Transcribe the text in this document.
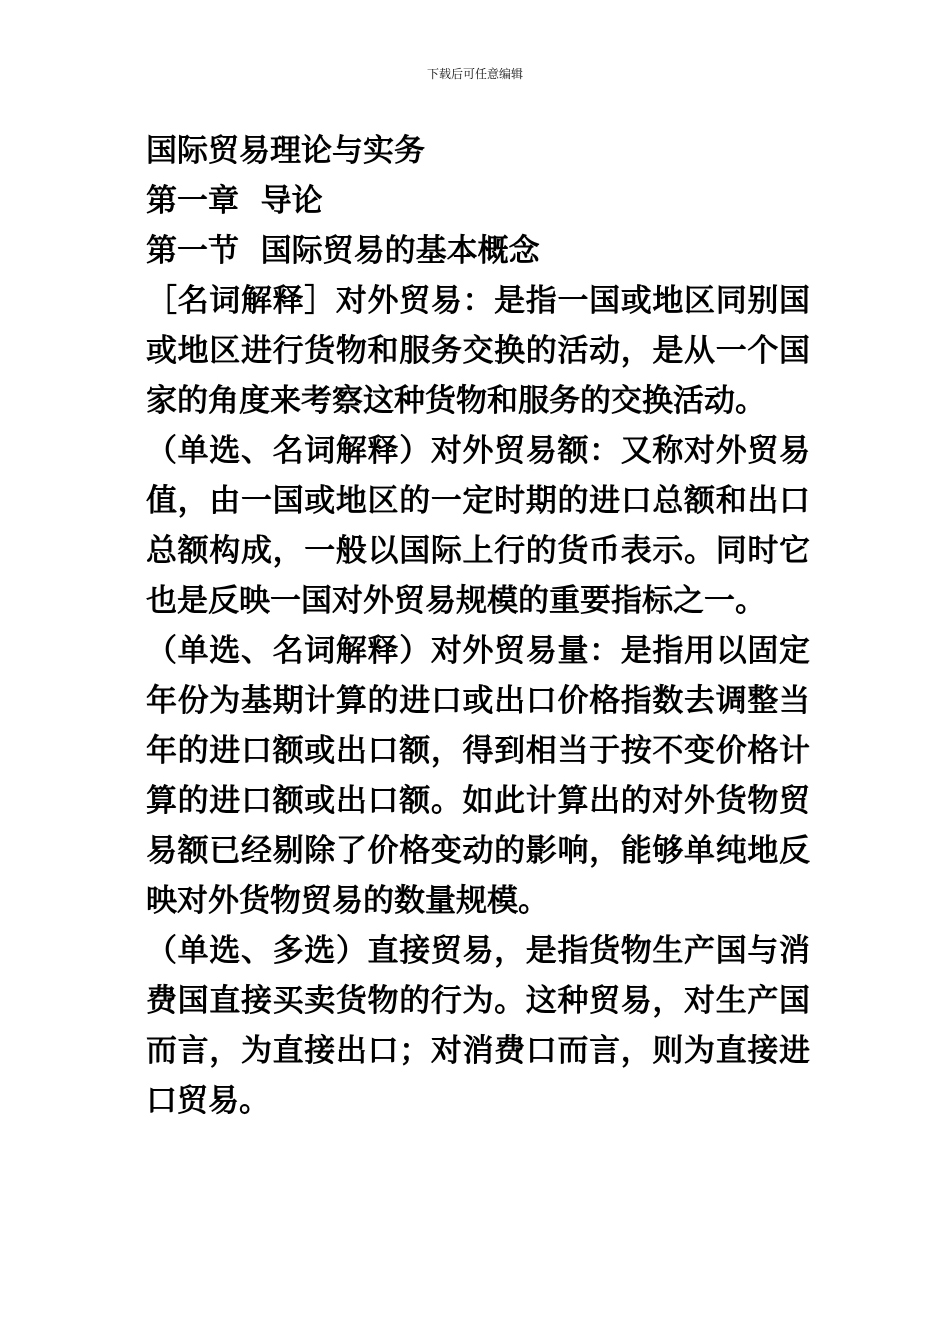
下载后可任意编辑
国际贸易理论与实务
第一章  导论
第一节  国际贸易的基本概念
［名词解释］对外贸易：是指一国或地区同别国或地区进行货物和服务交换的活动，是从一个国家的角度来考察这种货物和服务的交换活动。
（单选、名词解释）对外贸易额：又称对外贸易值，由一国或地区的一定时期的进口总额和出口总额构成，一般以国际上行的货币表示。同时它也是反映一国对外贸易规模的重要指标之一。
（单选、名词解释）对外贸易量：是指用以固定年份为基期计算的进口或出口价格指数去调整当年的进口额或出口额，得到相当于按不变价格计算的进口额或出口额。如此计算出的对外货物贸易额已经剔除了价格变动的影响，能够单纯地反映对外货物贸易的数量规模。
（单选、多选）直接贸易，是指货物生产国与消费国直接买卖货物的行为。这种贸易，对生产国而言，为直接出口；对消费口而言，则为直接进口贸易。
